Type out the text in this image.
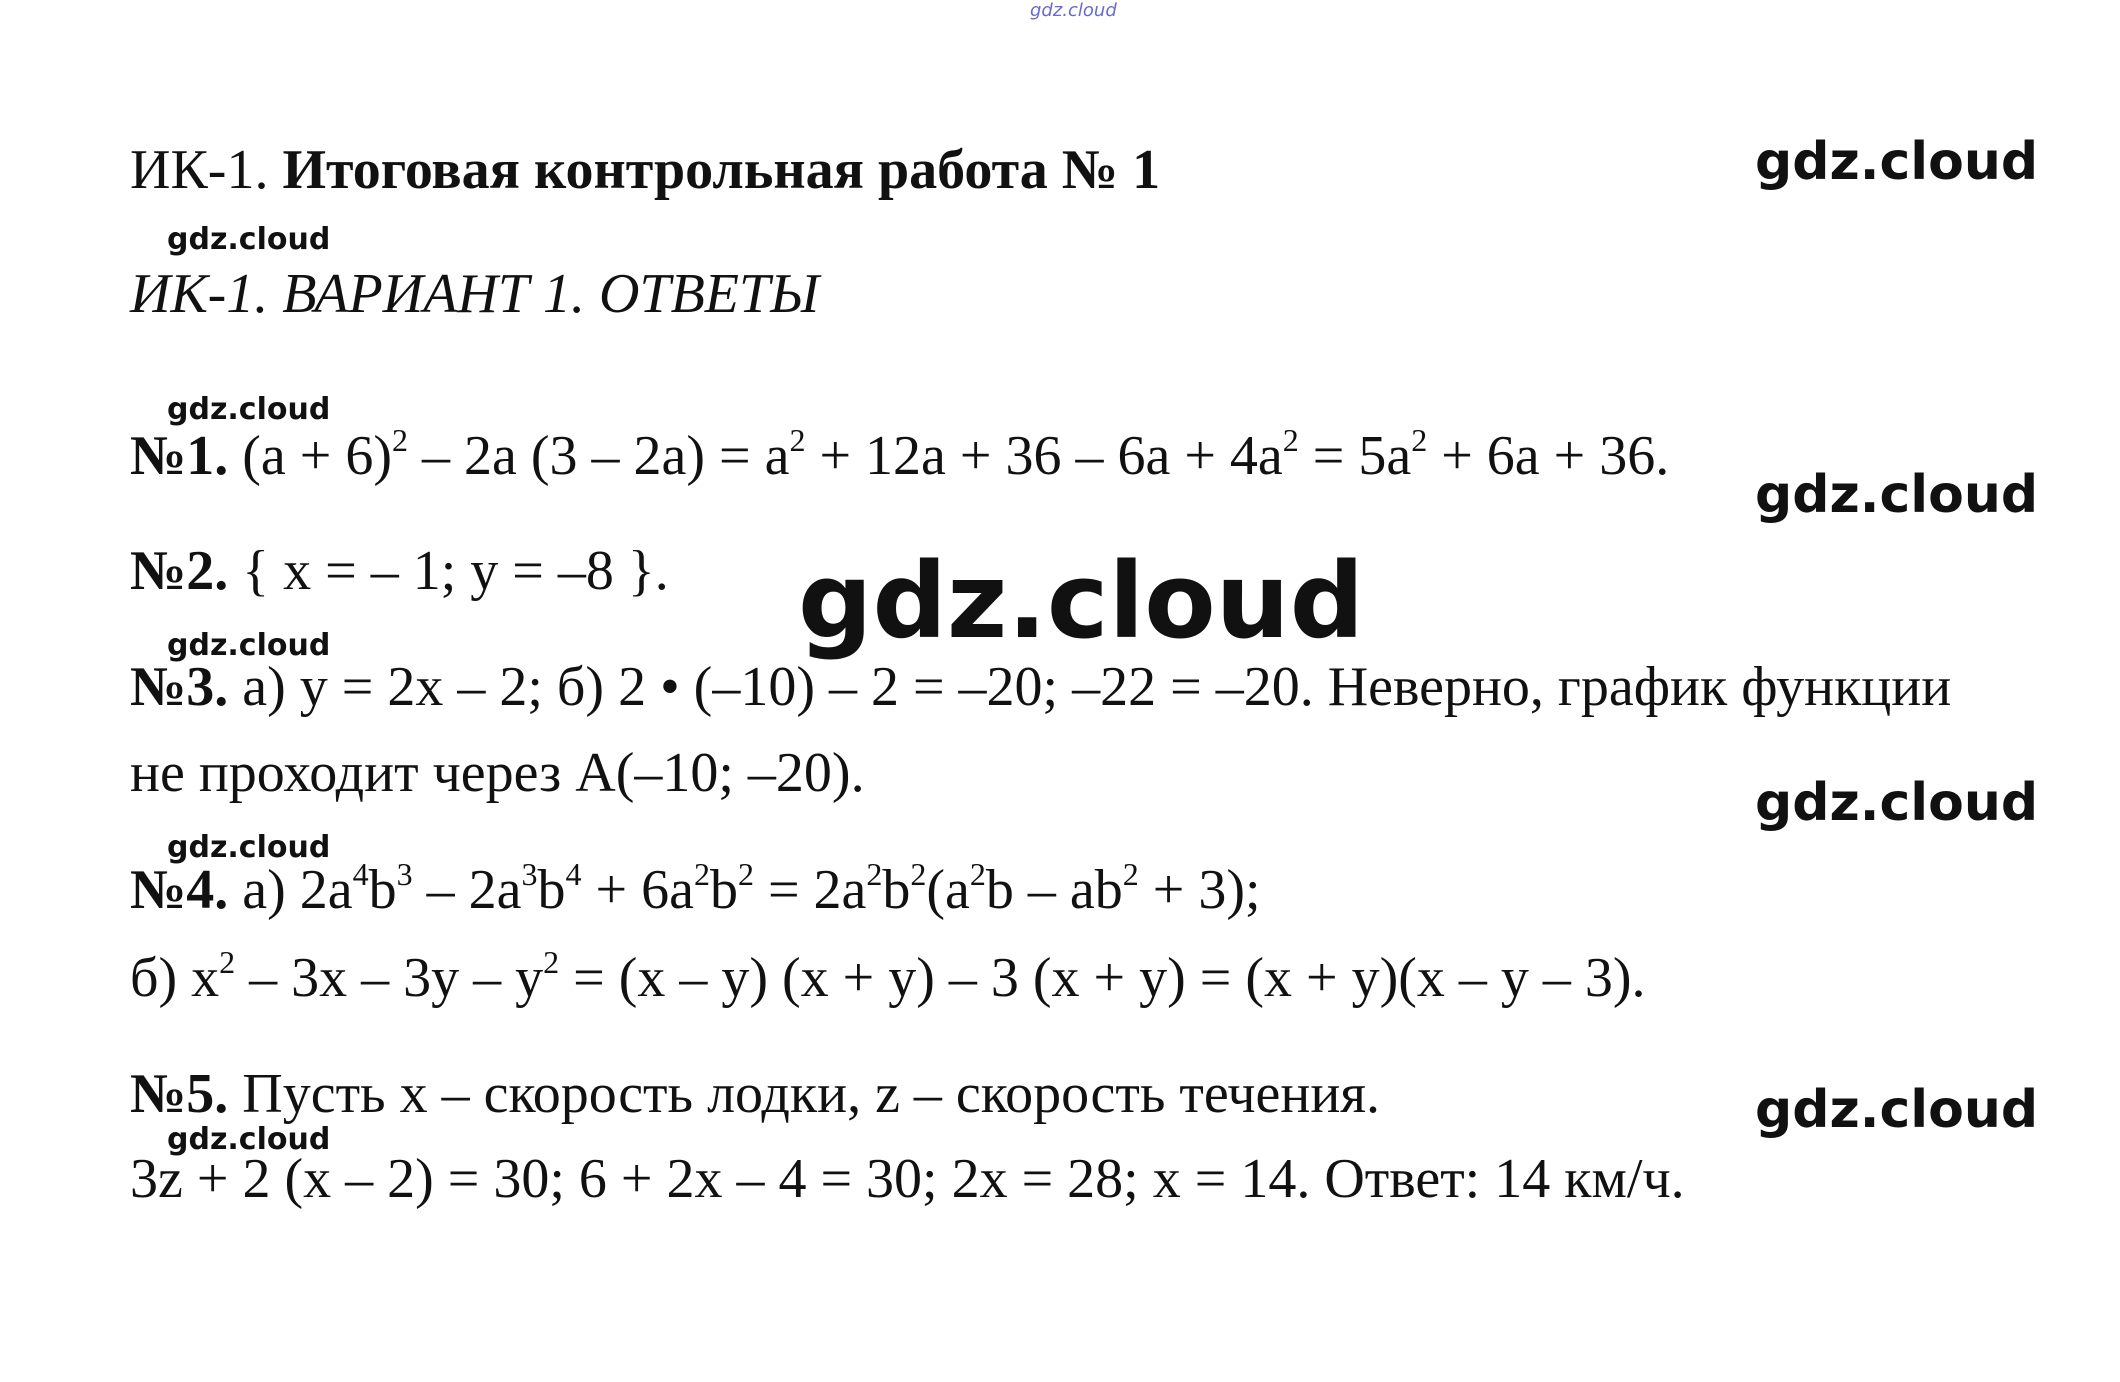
gdz.cloud
ИК-1. Итоговая контрольная работа № 1	gdz.cloud
gdz.cloud
ИК-1. ВАРИАНТ 1. ОТВЕТЫ
gdz.cloud
№1. $(a + 6)^2 - 2a$ $(3 - 2a) = a^2 + 12a + 36 - 6a + 4a^2 = 5a^2 + 6a + 36$.
gdz.cloud
№2. { x = – 1; y = –8 }. gdz.cloud
gdz.cloud
№3. а) y = 2x – 2; б) 2 • (–10) – 2 = –20; –22 = –20. Неверно, график функции
не проходит через A(–10; –20).	gdz.cloud
gdz.cloud
№4. а) $2a^4b^3 - 2a^3b^4 + 6a^2b^2 = 2a^2b^2(a^2b - ab^2 + 3)$;
б) $x^2 - 3x - 3y - y^2 = (x - y) (x + y) - 3$ (x + y) = (x + y)(x – y – 3).
№5. Пусть x – скорость лодки, z – скорость течения.	gdz.cloud
gdz.cloud
3z + 2 (x – 2) = 30; 6 + 2x – 4 = 30; 2x = 28; x = 14. Ответ: 14 км/ч.
